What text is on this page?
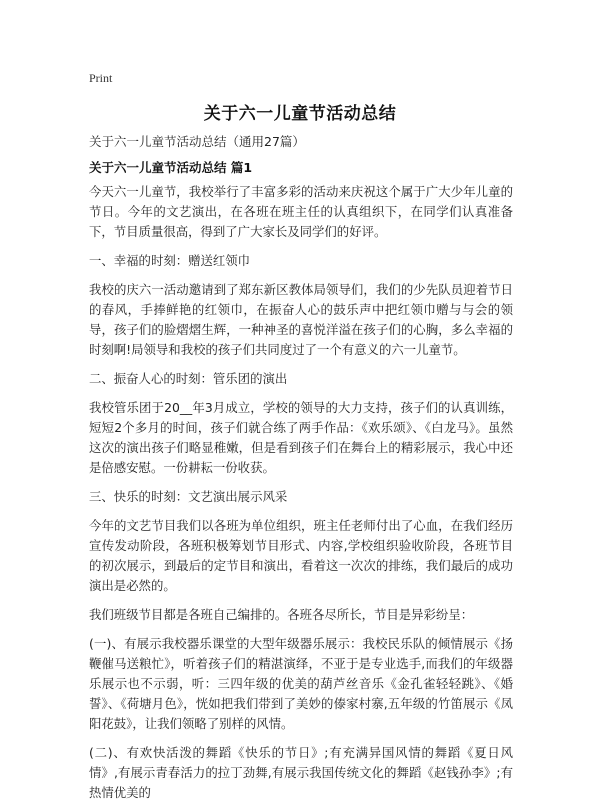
Print
关于六一儿童节活动总结
关于六一儿童节活动总结（通用27篇）
关于六一儿童节活动总结 篇1

今天六一儿童节，我校举行了丰富多彩的活动来庆祝这个属于广大少年儿童的节日。今年的文艺演出，在各班在班主任的认真组织下，在同学们认真准备下，节目质量很高，得到了广大家长及同学们的好评。

一、幸福的时刻：赠送红领巾

我校的庆六一活动邀请到了郑东新区教体局领导们，我们的少先队员迎着节日的春风，手捧鲜艳的红领巾，在振奋人心的鼓乐声中把红领巾赠与与会的领导，孩子们的脸熠熠生辉，一种神圣的喜悦洋溢在孩子们的心胸，多么幸福的时刻啊!局领导和我校的孩子们共同度过了一个有意义的六一儿童节。

二、振奋人心的时刻：管乐团的演出

我校管乐团于20__年3月成立，学校的领导的大力支持，孩子们的认真训练，短短2个多月的时间，孩子们就合练了两手作品：《欢乐颂》、《白龙马》。虽然这次的演出孩子们略显稚嫩，但是看到孩子们在舞台上的精彩展示，我心中还是倍感安慰。一份耕耘一份收获。

三、快乐的时刻：文艺演出展示风采

今年的文艺节目我们以各班为单位组织，班主任老师付出了心血，在我们经历宣传发动阶段，各班积极筹划节目形式、内容,学校组织验收阶段，各班节目的初次展示，到最后的定节目和演出，看着这一次次的排练，我们最后的成功演出是必然的。

我们班级节目都是各班自己编排的。各班各尽所长，节目是异彩纷呈：

(一)、有展示我校器乐课堂的大型年级器乐展示：我校民乐队的倾情展示《扬鞭催马送粮忙》，听着孩子们的精湛演绎，不亚于是专业选手,而我们的年级器乐展示也不示弱，听：三四年级的优美的葫芦丝音乐《金孔雀轻轻跳》、《婚誓》、《荷塘月色》，恍如把我们带到了美妙的傣家村寨,五年级的竹笛展示《凤阳花鼓》，让我们领略了别样的风情。

(二)、有欢快活泼的舞蹈《快乐的节日》;有充满异国风情的舞蹈《夏日风情》,有展示青春活力的拉丁劲舞,有展示我国传统文化的舞蹈《赵钱孙李》;有热情优美的
